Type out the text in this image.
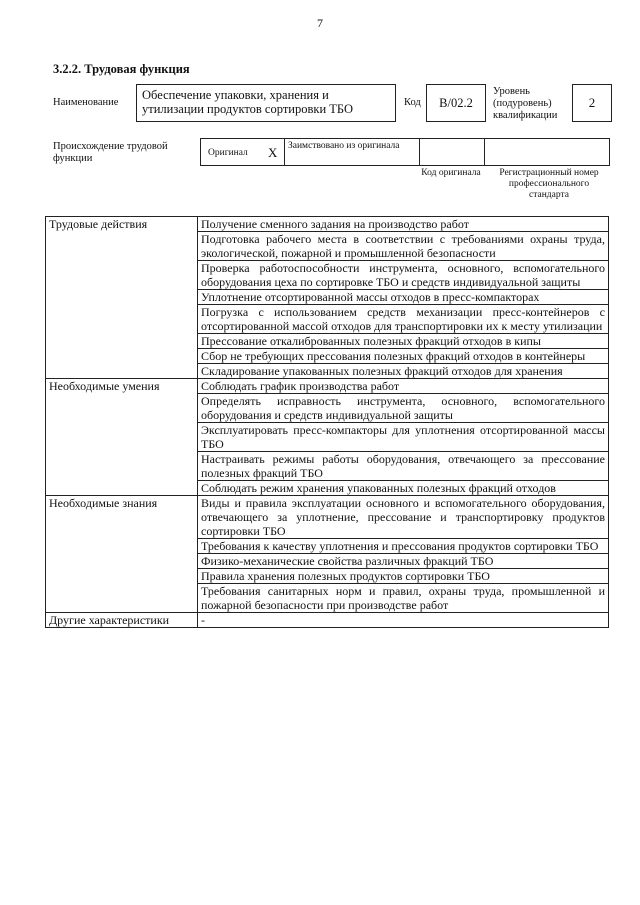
7
3.2.2. Трудовая функция
Наименование
Обеспечение упаковки, хранения и утилизации продуктов сортировки ТБО	Код	B/02.2
Уровень (подуровень) квалификации
2
Происхождение трудовой функции
Оригинал X Заимствовано из оригинала
Код оригинала	Регистрационный номер профессионального стандарта
Трудовые действия	Получение сменного задания на производство работ
	Подготовка рабочего места в соответствии с требованиями охраны труда, экологической, пожарной и промышленной безопасности
	Проверка работоспособности инструмента, основного, вспомогательного оборудования цеха по сортировке ТБО и средств индивидуальной защиты
	Уплотнение отсортированной массы отходов в пресс-компакторах
	Погрузка с использованием средств механизации пресс-контейнеров с отсортированной массой отходов для транспортировки их к месту утилизации
	Прессование откалиброванных полезных фракций отходов в кипы
	Сбор не требующих прессования полезных фракций отходов в контейнеры
	Складирование упакованных полезных фракций отходов для хранения
Необходимые умения	Соблюдать график производства работ
	Определять исправность инструмента, основного, вспомогательного оборудования и средств индивидуальной защиты
	Эксплуатировать пресс-компакторы для уплотнения отсортированной массы ТБО
	Настраивать режимы работы оборудования, отвечающего за прессование полезных фракций ТБО
	Соблюдать режим хранения упакованных полезных фракций отходов
Необходимые знания	Виды и правила эксплуатации основного и вспомогательного оборудования, отвечающего за уплотнение, прессование и транспортировку продуктов сортировки ТБО
	Требования к качеству уплотнения и прессования продуктов сортировки ТБО
	Физико-механические свойства различных фракций ТБО
	Правила хранения полезных продуктов сортировки ТБО
	Требования санитарных норм и правил, охраны труда, промышленной и пожарной безопасности при производстве работ
Другие характеристики	-
